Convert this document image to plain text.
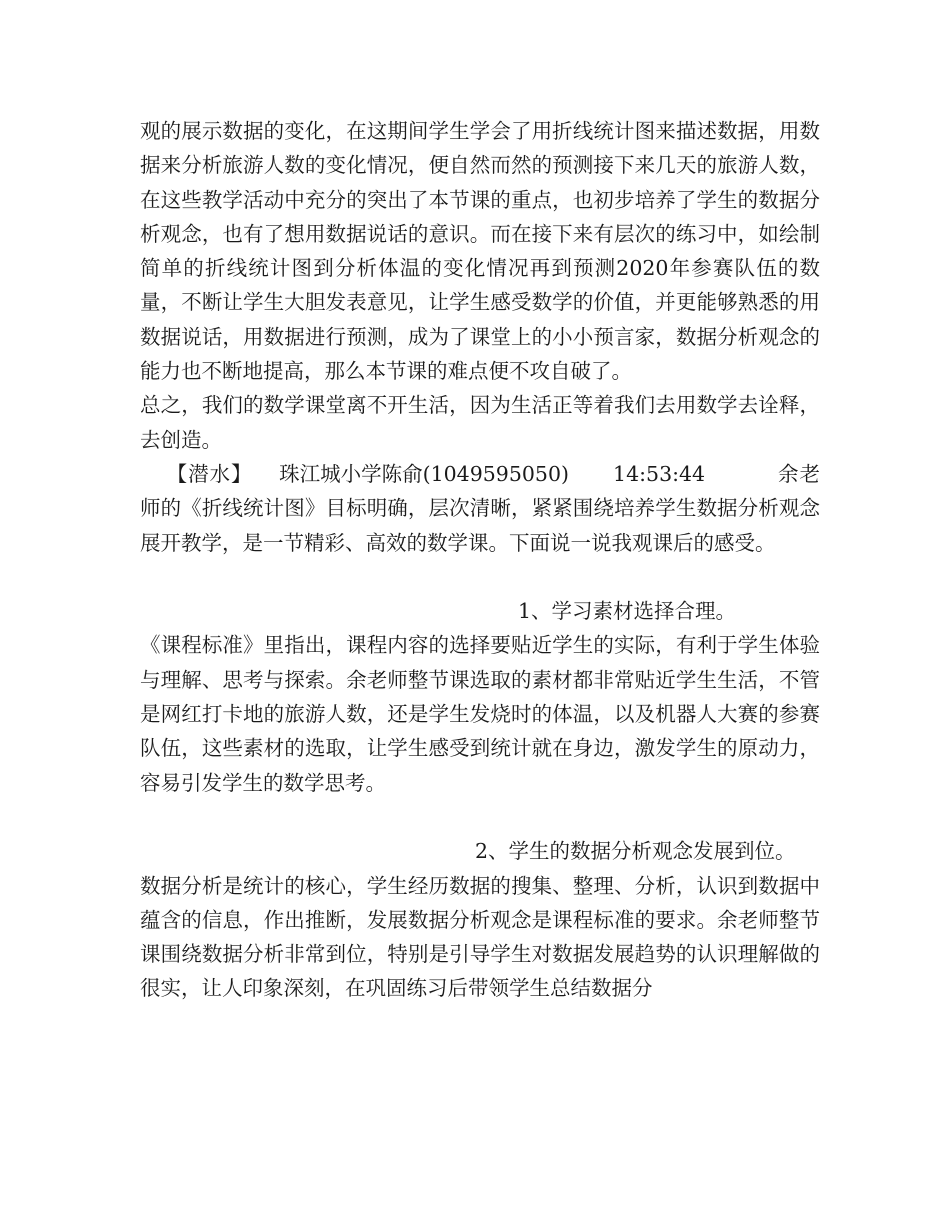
观的展示数据的变化，在这期间学生学会了用折线统计图来描述数据，用数据来分析旅游人数的变化情况，便自然而然的预测接下来几天的旅游人数，在这些教学活动中充分的突出了本节课的重点，也初步培养了学生的数据分析观念，也有了想用数据说话的意识。而在接下来有层次的练习中，如绘制简单的折线统计图到分析体温的变化情况再到预测2020年参赛队伍的数量，不断让学生大胆发表意见，让学生感受数学的价值，并更能够熟悉的用数据说话，用数据进行预测，成为了课堂上的小小预言家，数据分析观念的能力也不断地提高，那么本节课的难点便不攻自破了。

总之，我们的数学课堂离不开生活，因为生活正等着我们去用数学去诠释，去创造。

【潜水】 珠江城小学陈俞(1049595050) 14:53:44	余老师的《折线统计图》目标明确，层次清晰，紧紧围绕培养学生数据分析观念展开教学，是一节精彩、高效的数学课。下面说一说我观课后的感受。

1、学习素材选择合理。

《课程标准》里指出，课程内容的选择要贴近学生的实际，有利于学生体验与理解、思考与探索。余老师整节课选取的素材都非常贴近学生生活，不管是网红打卡地的旅游人数，还是学生发烧时的体温，以及机器人大赛的参赛队伍，这些素材的选取，让学生感受到统计就在身边，激发学生的原动力，容易引发学生的数学思考。

2、学生的数据分析观念发展到位。

数据分析是统计的核心，学生经历数据的搜集、整理、分析，认识到数据中蕴含的信息，作出推断，发展数据分析观念是课程标准的要求。余老师整节课围绕数据分析非常到位，特别是引导学生对数据发展趋势的认识理解做的很实，让人印象深刻，在巩固练习后带领学生总结数据分
